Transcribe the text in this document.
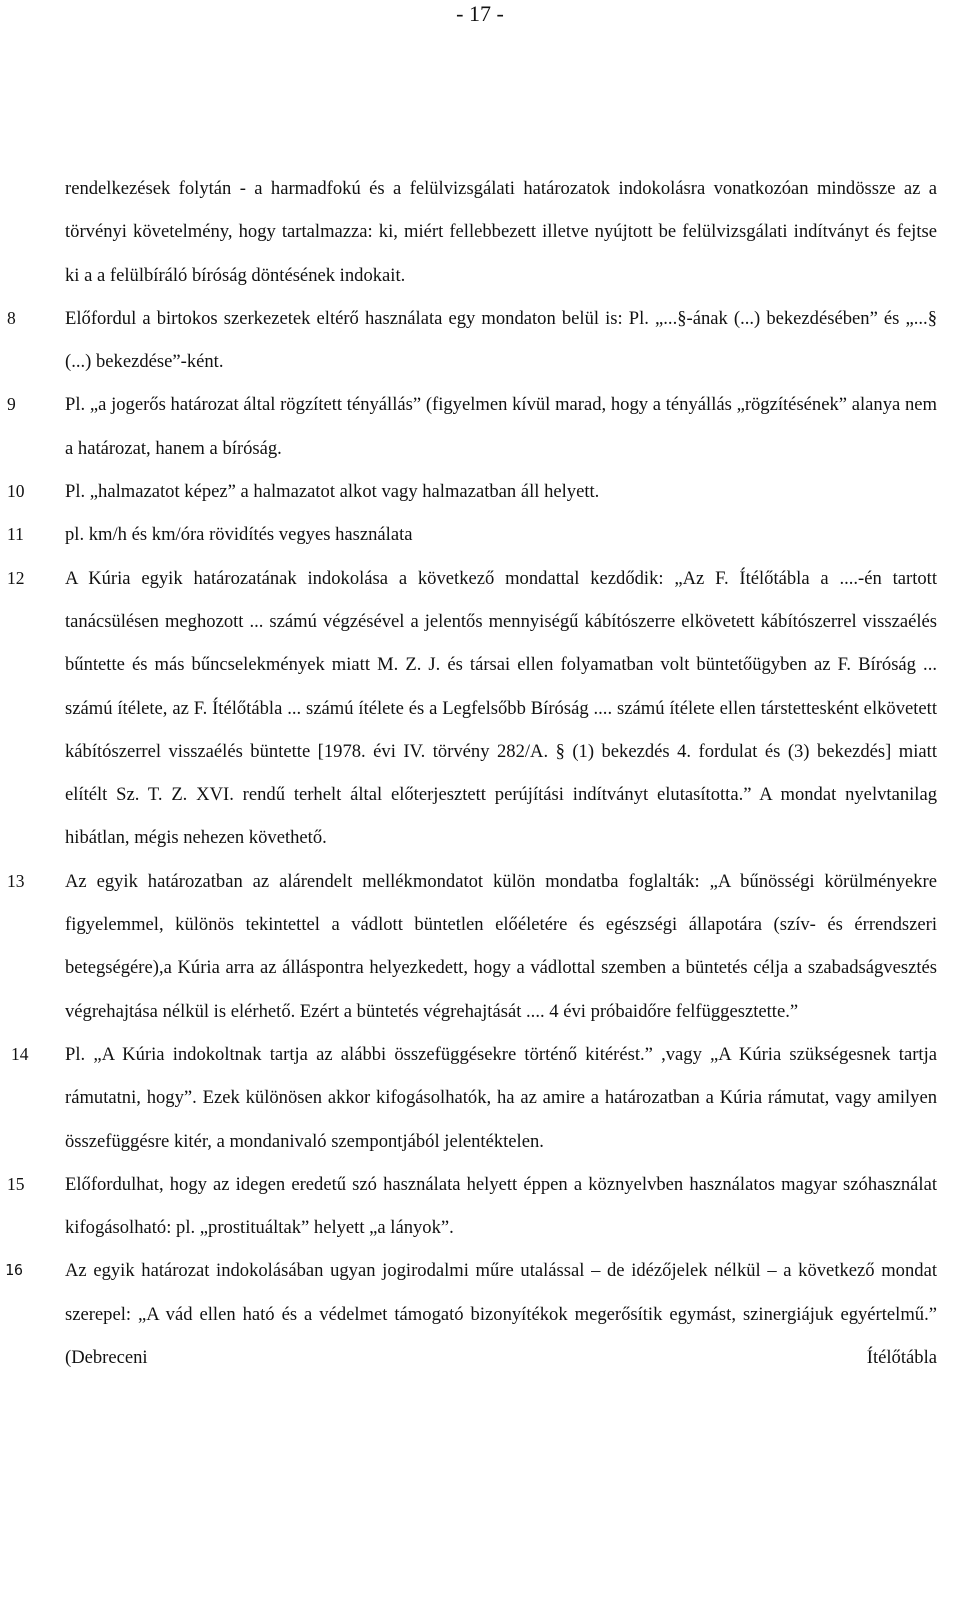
- 17 -

rendelkezések folytán - a harmadfokú és a felülvizsgálati határozatok indokolásra vonatkozóan mindössze az a törvényi követelmény, hogy tartalmazza: ki, miért fellebbezett illetve nyújtott be felülvizsgálati indítványt és fejtse ki a a felülbíráló bíróság döntésének indokait.

8	Előfordul a birtokos szerkezetek eltérő használata egy mondaton belül is: Pl. „...§-ának (...) bekezdésében” és „...§ (...) bekezdése”-ként.

9	Pl. „a jogerős határozat által rögzített tényállás” (figyelmen kívül marad, hogy a tényállás „rögzítésének” alanya nem a határozat, hanem a bíróság.

10 Pl. „halmazatot képez” a halmazatot alkot vagy halmazatban áll helyett.

11 pl. km/h és km/óra rövidítés vegyes használata

12 A Kúria egyik határozatának indokolása a következő mondattal kezdődik: „Az F. Ítélőtábla a ....-én tartott tanácsülésen meghozott ... számú végzésével a jelentős mennyiségű kábítószerre elkövetett kábítószerrel visszaélés bűntette és más bűncselekmények miatt M. Z. J. és társai ellen folyamatban volt büntetőügyben az F. Bíróság ... számú ítélete, az F. Ítélőtábla ... számú ítélete és a Legfelsőbb Bíróság .... számú ítélete ellen társtettesként elkövetett kábítószerrel visszaélés büntette [1978. évi IV. törvény 282/A. § (1) bekezdés 4. fordulat és (3) bekezdés] miatt elítélt Sz. T. Z. XVI. rendű terhelt által előterjesztett perújítási indítványt elutasította.” A mondat nyelvtanilag hibátlan, mégis nehezen követhető.

13 Az egyik határozatban az alárendelt mellékmondatot külön mondatba foglalták: „A bűnösségi körülményekre figyelemmel, különös tekintettel a vádlott büntetlen előéletére és egészségi állapotára (szív- és érrendszeri betegségére),a Kúria arra az álláspontra helyezkedett, hogy a vádlottal szemben a büntetés célja a szabadságvesztés végrehajtása nélkül is elérhető. Ezért a büntetés végrehajtását .... 4 évi próbaidőre felfüggesztette.”

14 Pl. „A Kúria indokoltnak tartja az alábbi összefüggésekre történő kitérést.” ,vagy „A Kúria szükségesnek tartja rámutatni, hogy”. Ezek különösen akkor kifogásolhatók, ha az amire a határozatban a Kúria rámutat, vagy amilyen összefüggésre kitér, a mondanivaló szempontjából jelentéktelen.

15 Előfordulhat, hogy az idegen eredetű szó használata helyett éppen a köznyelvben használatos magyar szóhasználat kifogásolható: pl. „prostituáltak” helyett „a lányok”.

16 Az egyik határozat indokolásában ugyan jogirodalmi műre utalással – de idézőjelek nélkül – a következő mondat szerepel: „A vád ellen ható és a védelmet támogató bizonyítékok megerősítik egymást, szinergiájuk egyértelmű.” (Debreceni Ítélőtábla
